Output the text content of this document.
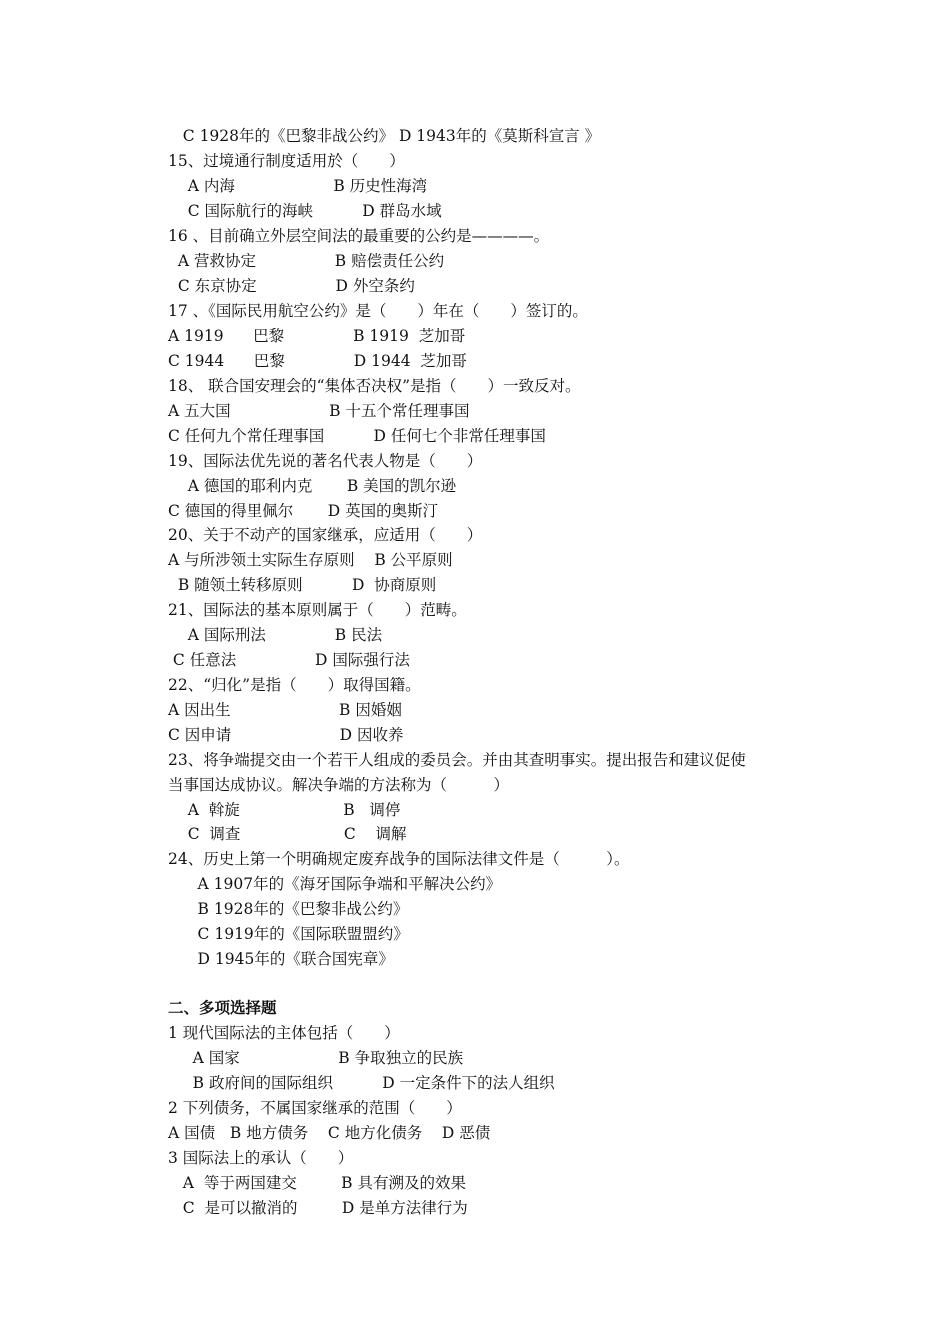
C 1928年的《巴黎非战公约》 D 1943年的《莫斯科宣言 》
15、过境通行制度适用於（　　）
A 内海                    B 历史性海湾
C 国际航行的海峡          D 群岛水域
16 、目前确立外层空间法的最重要的公约是————。
A 营救协定                B 赔偿责任公约
C 东京协定                D 外空条约
17 、《国际民用航空公约》是（　　）年在（　　）签订的。
A 1919      巴黎              B 1919  芝加哥
C 1944      巴黎              D 1944  芝加哥
18、 联合国安理会的“集体否决权”是指（　　）一致反对。
A 五大国                    B 十五个常任理事国
C 任何九个常任理事国          D 任何七个非常任理事国
19、国际法优先说的著名代表人物是（　　）
A 德国的耶利内克       B 美国的凯尔逊
C 德国的得里佩尔       D 英国的奥斯汀
20、关于不动产的国家继承，应适用（　　）
A 与所涉领土实际生存原则    B 公平原则
B 随领土转移原则          D  协商原则
21、国际法的基本原则属于（　　）范畴。
A 国际刑法              B 民法
C 任意法                D 国际强行法
22、“归化”是指（　　）取得国籍。
A 因出生                      B 因婚姻
C 因申请                      D 因收养
23、将争端提交由一个若干人组成的委员会。并由其查明事实。提出报告和建议促使
当事国达成协议。解决争端的方法称为（　　　）
A  斡旋                     B   调停
C  调查                     C    调解
24、历史上第一个明确规定废弃战争的国际法律文件是（　　　）。
A 1907年的《海牙国际争端和平解决公约》
B 1928年的《巴黎非战公约》
C 1919年的《国际联盟盟约》
D 1945年的《联合国宪章》
二、多项选择题
1 现代国际法的主体包括（　　）
A 国家                    B 争取独立的民族
B 政府间的国际组织          D 一定条件下的法人组织
2 下列债务，不属国家继承的范围（　　）
A 国债   B 地方债务    C 地方化债务    D 恶债
3 国际法上的承认（　　）
A  等于两国建交         B 具有溯及的效果
C  是可以撤消的         D 是单方法律行为
